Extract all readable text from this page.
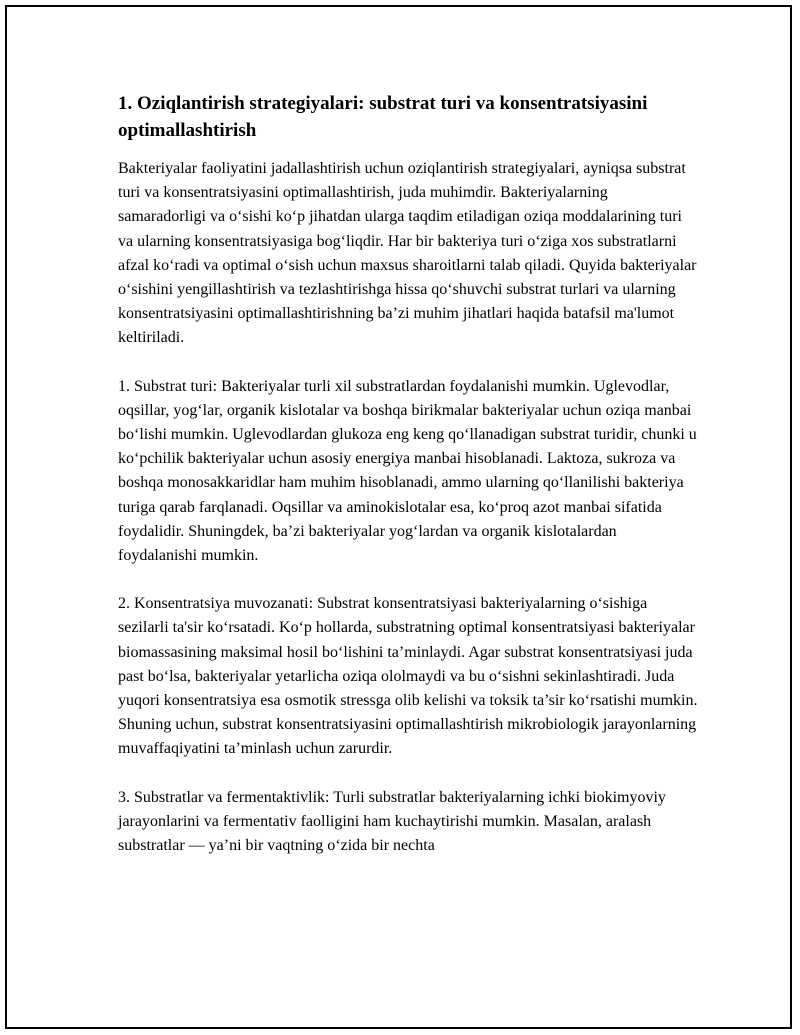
1. Oziqlantirish strategiyalari: substrat turi va konsentratsiyasini optimallashtirish

Bakteriyalar faoliyatini jadallashtirish uchun oziqlantirish strategiyalari, ayniqsa substrat turi va konsentratsiyasini optimallashtirish, juda muhimdir. Bakteriyalarning samaradorligi va o‘sishi ko‘p jihatdan ularga taqdim etiladigan oziqa moddalarining turi va ularning konsentratsiyasiga bog‘liqdir. Har bir bakteriya turi o‘ziga xos substratlarni afzal ko‘radi va optimal o‘sish uchun maxsus sharoitlarni talab qiladi. Quyida bakteriyalar o‘sishini yengillashtirish va tezlashtirishga hissa qo‘shuvchi substrat turlari va ularning konsentratsiyasini optimallashtirishning ba’zi muhim jihatlari haqida batafsil ma'lumot keltiriladi.

1. Substrat turi: Bakteriyalar turli xil substratlardan foydalanishi mumkin. Uglevodlar, oqsillar, yog‘lar, organik kislotalar va boshqa birikmalar bakteriyalar uchun oziqa manbai bo‘lishi mumkin. Uglevodlardan glukoza eng keng qo‘llanadigan substrat turidir, chunki u ko‘pchilik bakteriyalar uchun asosiy energiya manbai hisoblanadi. Laktoza, sukroza va boshqa monosakkaridlar ham muhim hisoblanadi, ammo ularning qo‘llanilishi bakteriya turiga qarab farqlanadi. Oqsillar va aminokislotalar esa, ko‘proq azot manbai sifatida foydalidir. Shuningdek, ba’zi bakteriyalar yog‘lardan va organik kislotalardan foydalanishi mumkin.

2. Konsentratsiya muvozanati: Substrat konsentratsiyasi bakteriyalarning o‘sishiga sezilarli ta'sir ko‘rsatadi. Ko‘p hollarda, substratning optimal konsentratsiyasi bakteriyalar biomassasining maksimal hosil bo‘lishini ta’minlaydi. Agar substrat konsentratsiyasi juda past bo‘lsa, bakteriyalar yetarlicha oziqa ololmaydi va bu o‘sishni sekinlashtiradi. Juda yuqori konsentratsiya esa osmotik stressga olib kelishi va toksik ta’sir ko‘rsatishi mumkin. Shuning uchun, substrat konsentratsiyasini optimallashtirish mikrobiologik jarayonlarning muvaffaqiyatini ta’minlash uchun zarurdir.

3. Substratlar va fermentaktivlik: Turli substratlar bakteriyalarning ichki biokimyoviy jarayonlarini va fermentativ faolligini ham kuchaytirishi mumkin. Masalan, aralash substratlar — ya’ni bir vaqtning o‘zida bir nechta
